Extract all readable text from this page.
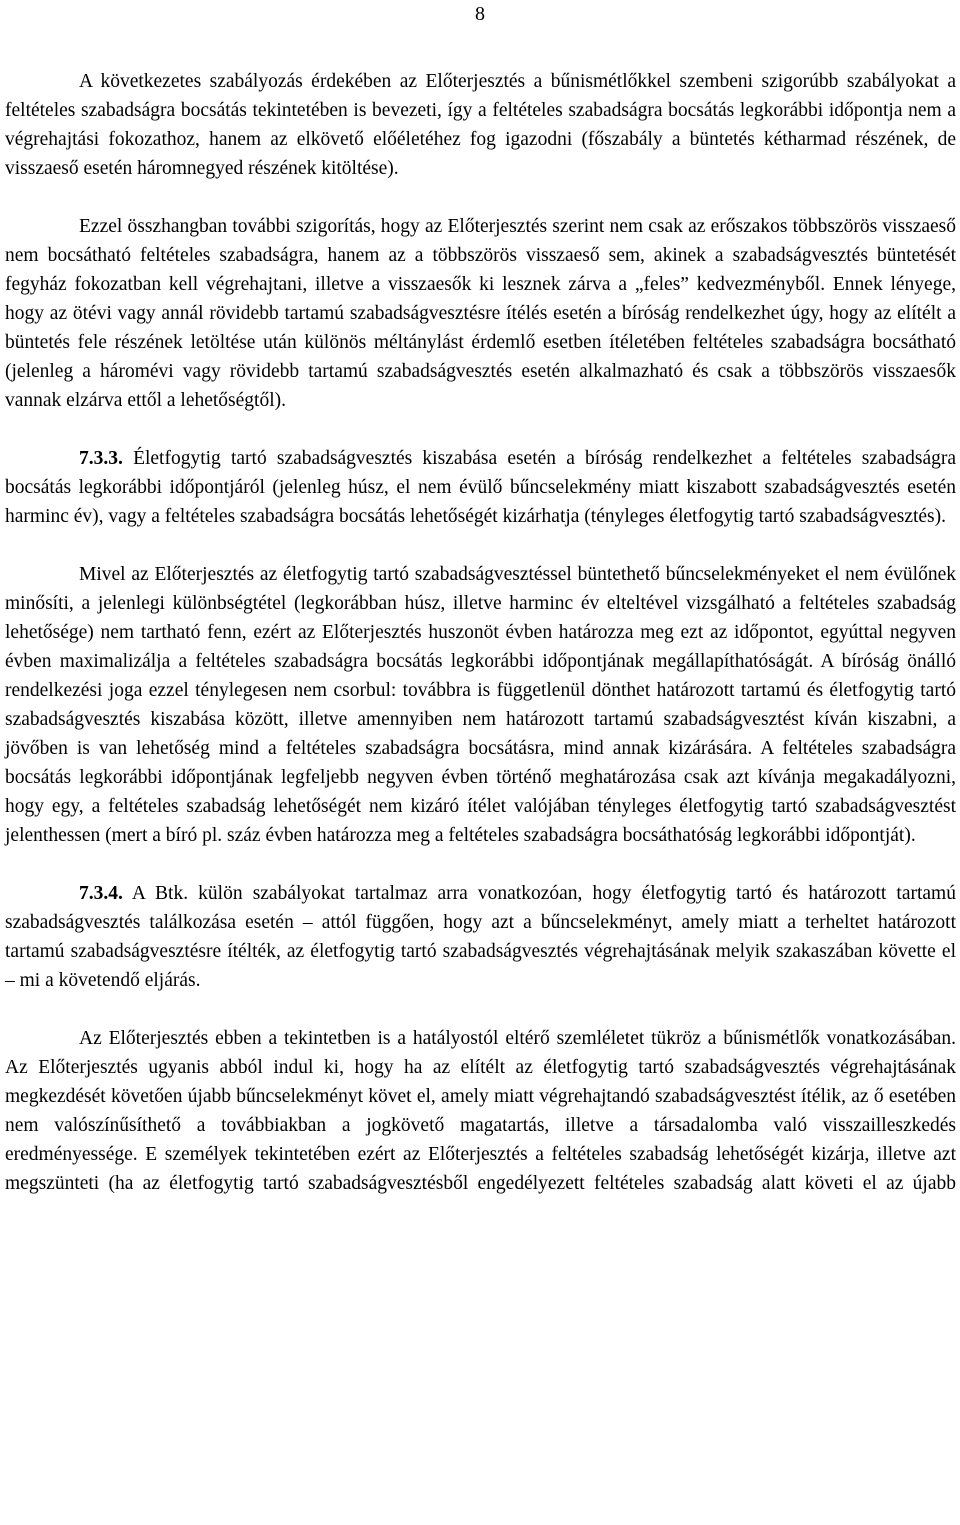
8

A következetes szabályozás érdekében az Előterjesztés a bűnismétlőkkel szembeni szigorúbb szabályokat a feltételes szabadságra bocsátás tekintetében is bevezeti, így a feltételes szabadságra bocsátás legkorábbi időpontja nem a végrehajtási fokozathoz, hanem az elkövető előéletéhez fog igazodni (főszabály a büntetés kétharmad részének, de visszaeső esetén háromnegyed részének kitöltése).

Ezzel összhangban további szigorítás, hogy az Előterjesztés szerint nem csak az erőszakos többszörös visszaeső nem bocsátható feltételes szabadságra, hanem az a többszörös visszaeső sem, akinek a szabadságvesztés büntetését fegyház fokozatban kell végrehajtani, illetve a visszaesők ki lesznek zárva a „feles” kedvezményből. Ennek lényege, hogy az ötévi vagy annál rövidebb tartamú szabadságvesztésre ítélés esetén a bíróság rendelkezhet úgy, hogy az elítélt a büntetés fele részének letöltése után különös méltánylást érdemlő esetben ítéletében feltételes szabadságra bocsátható (jelenleg a háromévi vagy rövidebb tartamú szabadságvesztés esetén alkalmazható és csak a többszörös visszaesők vannak elzárva ettől a lehetőségtől).

7.3.3. Életfogytig tartó szabadságvesztés kiszabása esetén a bíróság rendelkezhet a feltételes szabadságra bocsátás legkorábbi időpontjáról (jelenleg húsz, el nem évülő bűncselekmény miatt kiszabott szabadságvesztés esetén harminc év), vagy a feltételes szabadságra bocsátás lehetőségét kizárhatja (tényleges életfogytig tartó szabadságvesztés).

Mivel az Előterjesztés az életfogytig tartó szabadságvesztéssel büntethető bűncselekményeket el nem évülőnek minősíti, a jelenlegi különbségtétel (legkorábban húsz, illetve harminc év elteltével vizsgálható a feltételes szabadság lehetősége) nem tartható fenn, ezért az Előterjesztés huszonöt évben határozza meg ezt az időpontot, egyúttal negyven évben maximalizálja a feltételes szabadságra bocsátás legkorábbi időpontjának megállapíthatóságát. A bíróság önálló rendelkezési joga ezzel ténylegesen nem csorbul: továbbra is függetlenül dönthet határozott tartamú és életfogytig tartó szabadságvesztés kiszabása között, illetve amennyiben nem határozott tartamú szabadságvesztést kíván kiszabni, a jövőben is van lehetőség mind a feltételes szabadságra bocsátásra, mind annak kizárására. A feltételes szabadságra bocsátás legkorábbi időpontjának legfeljebb negyven évben történő meghatározása csak azt kívánja megakadályozni, hogy egy, a feltételes szabadság lehetőségét nem kizáró ítélet valójában tényleges életfogytig tartó szabadságvesztést jelenthessen (mert a bíró pl. száz évben határozza meg a feltételes szabadságra bocsáthatóság legkorábbi időpontját).

7.3.4. A Btk. külön szabályokat tartalmaz arra vonatkozóan, hogy életfogytig tartó és határozott tartamú szabadságvesztés találkozása esetén – attól függően, hogy azt a bűncselekményt, amely miatt a terheltet határozott tartamú szabadságvesztésre ítélték, az életfogytig tartó szabadságvesztés végrehajtásának melyik szakaszában követte el – mi a követendő eljárás.

Az Előterjesztés ebben a tekintetben is a hatályostól eltérő szemléletet tükröz a bűnismétlők vonatkozásában. Az Előterjesztés ugyanis abból indul ki, hogy ha az elítélt az életfogytig tartó szabadságvesztés végrehajtásának megkezdését követően újabb bűncselekményt követ el, amely miatt végrehajtandó szabadságvesztést ítélik, az ő esetében nem valószínűsíthető a továbbiakban a jogkövető magatartás, illetve a társadalomba való visszailleszkedés eredményessége. E személyek tekintetében ezért az Előterjesztés a feltételes szabadság lehetőségét kizárja, illetve azt megszünteti (ha az életfogytig tartó szabadságvesztésből engedélyezett feltételes szabadság alatt követi el az újabb
